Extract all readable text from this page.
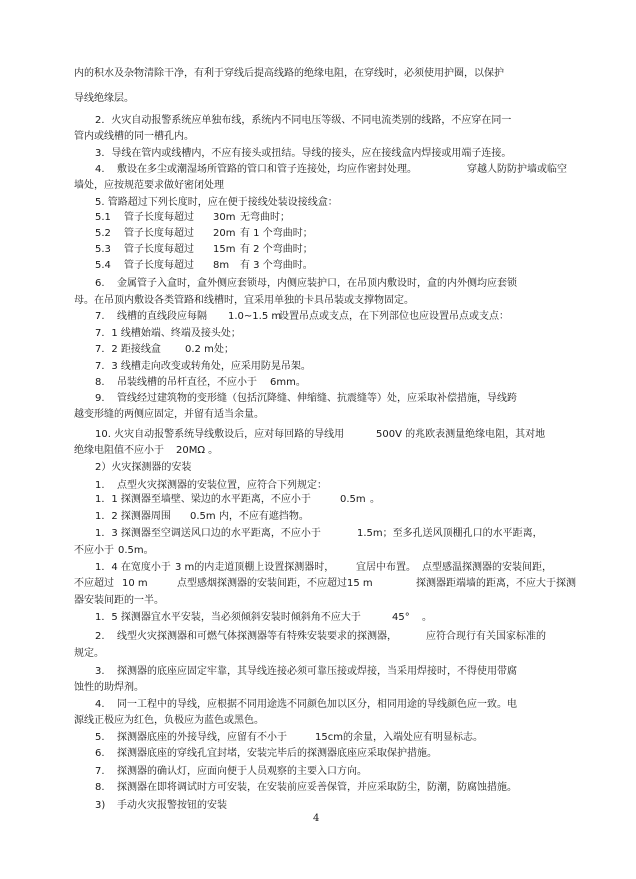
内的积水及杂物清除干净，有利于穿线后提高线路的绝缘电阻，在穿线时，必须使用护圈，以保护
导线绝缘层。
2．火灾自动报警系统应单独布线，系统内不同电压等级、不同电流类别的线路，不应穿在同一
管内或线槽的同一槽孔内。
3．导线在管内或线槽内，不应有接头或扭结。导线的接头，应在接线盒内焊接或用端子连接。
4. 敷设在多尘或潮湿场所管路的管口和管子连接处， 均应作密封处理。	穿越人防防护墙或临空
墙处，应按规范要求做好密闭处理
5. 管路超过下列长度时，应在便于接线处装设接线盒：
5.1 管子长度每超过 30m 无弯曲时；
5.2 管子长度每超过 20m 有 1 个弯曲时；
5.3 管子长度每超过 15m 有 2 个弯曲时；
5.4 管子长度每超过 8m 有 3 个弯曲时。
6. 金属管子入盒时，盒外侧应套锁母，内侧应装护口，在吊顶内敷设时，盒的内外侧均应套锁
母。在吊顶内敷设各类管路和线槽时，宜采用单独的卡具吊装或支撑物固定。
7. 线槽的直线段应每隔 1.0~1.5 m
设置吊点或支点，在下列部位也应设置吊点或支点：
7．1 线槽始端、终端及接头处；
7．2 距接线盒 0.2 m 处；
7．3 线槽走向改变或转角处，应采用防晃吊架。
8. 吊装线槽的吊杆直径，不应小于 6mm。
9. 管线经过建筑物的变形缝（包括沉降缝、伸缩缝、抗震缝等）处，应采取补偿措施，导线跨
越变形缝的两侧应固定，并留有适当余量。
10. 火灾自动报警系统导线敷设后，应对每回路的导线用	500V 的兆欧表测量绝缘电阻，其对地
绝缘电阻值不应小于 20MΩ 。
2）火灾探测器的安装
1. 点型火灾探测器的安装位置，应符合下列规定：
1．1 探测器至墙壁、梁边的水平距离，不应小于	0.5m 。
1．2 探测器周围 0.5m 内，不应有遮挡物。
1．3 探测器至空调送风口边的水平距离，不应小于	1.5m；至多孔送风顶棚孔口的水平距离，
不应小于 0.5m。
1．4 在宽度小于 3 m的内走道顶棚上设置探测器时， 宜居中布置。 点型感温探测器的安装间距，
不应超过 10 m	点型感烟探测器的安装间距，不应超过 15 m	探测器距端墙的距离，不应大于探测
器安装间距的一半。
1．5 探测器宜水平安装，当必须倾斜安装时倾斜角不应大于	45° 。
2. 线型火灾探测器和可燃气体探测器等有特殊安装要求的探测器，	应符合现行有关国家标准的
规定。
3. 探测器的底座应固定牢靠，其导线连接必须可靠压接或焊接，当采用焊接时，不得使用带腐
蚀性的助焊剂。
4. 同一工程中的导线，应根据不同用途选不同颜色加以区分，相同用途的导线颜色应一致。电
源线正极应为红色，负极应为蓝色或黑色。
5. 探测器底座的外接导线，应留有不小于	15cm的余量，入端处应有明显标志。
6. 探测器底座的穿线孔宜封堵，安装完毕后的探测器底座应采取保护措施。
7. 探测器的确认灯，应面向便于人员观察的主要入口方向。
8. 探测器在即将调试时方可安装，在安装前应妥善保管，并应采取防尘，防潮，防腐蚀措施。
3) 手动火灾报警按钮的安装
4
